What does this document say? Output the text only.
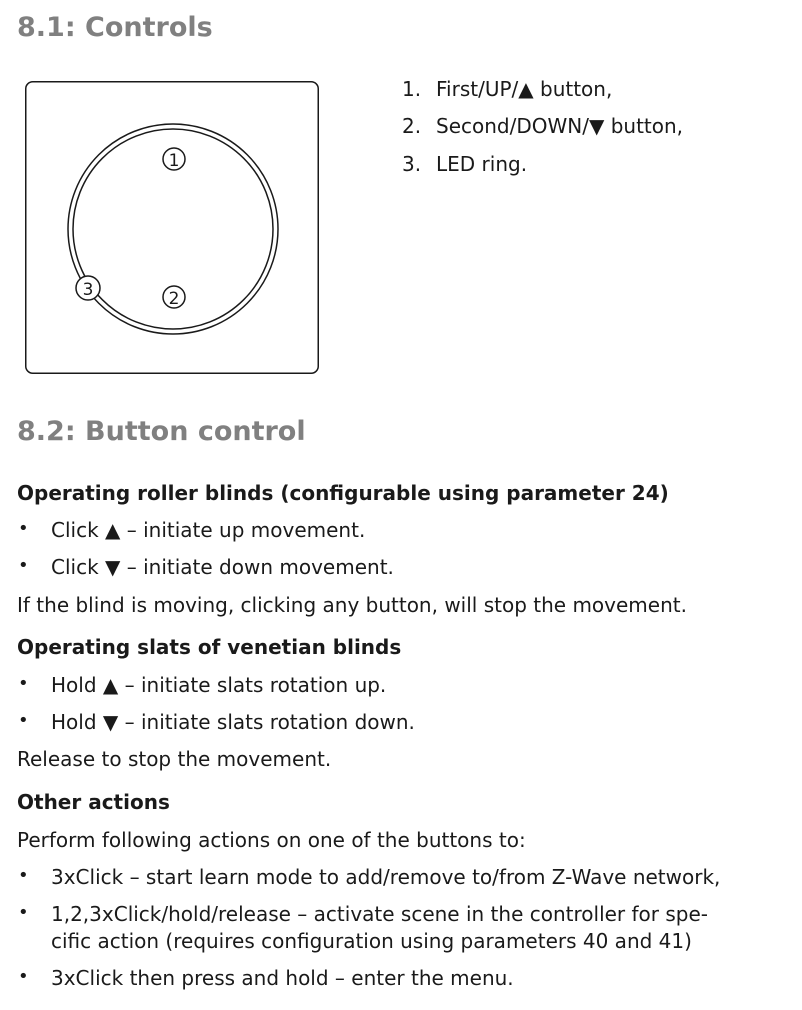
8.1: Controls
1
2
3
1. First/UP/▲ button,
2. Second/DOWN/▼ button,
3. LED ring.
8.2: Button control
Operating roller blinds (configurable using parameter 24)
• Click ▲ – initiate up movement.
• Click ▼ – initiate down movement.
If the blind is moving, clicking any button, will stop the movement.
Operating slats of venetian blinds
• Hold ▲ – initiate slats rotation up.
• Hold ▼ – initiate slats rotation down.
Release to stop the movement.
Other actions
Perform following actions on one of the buttons to:
• 3xClick – start learn mode to add/remove to/from Z-Wave network,
• 1,2,3xClick/hold/release – activate scene in the controller for spe-
cific action (requires configuration using parameters 40 and 41)
• 3xClick then press and hold – enter the menu.
